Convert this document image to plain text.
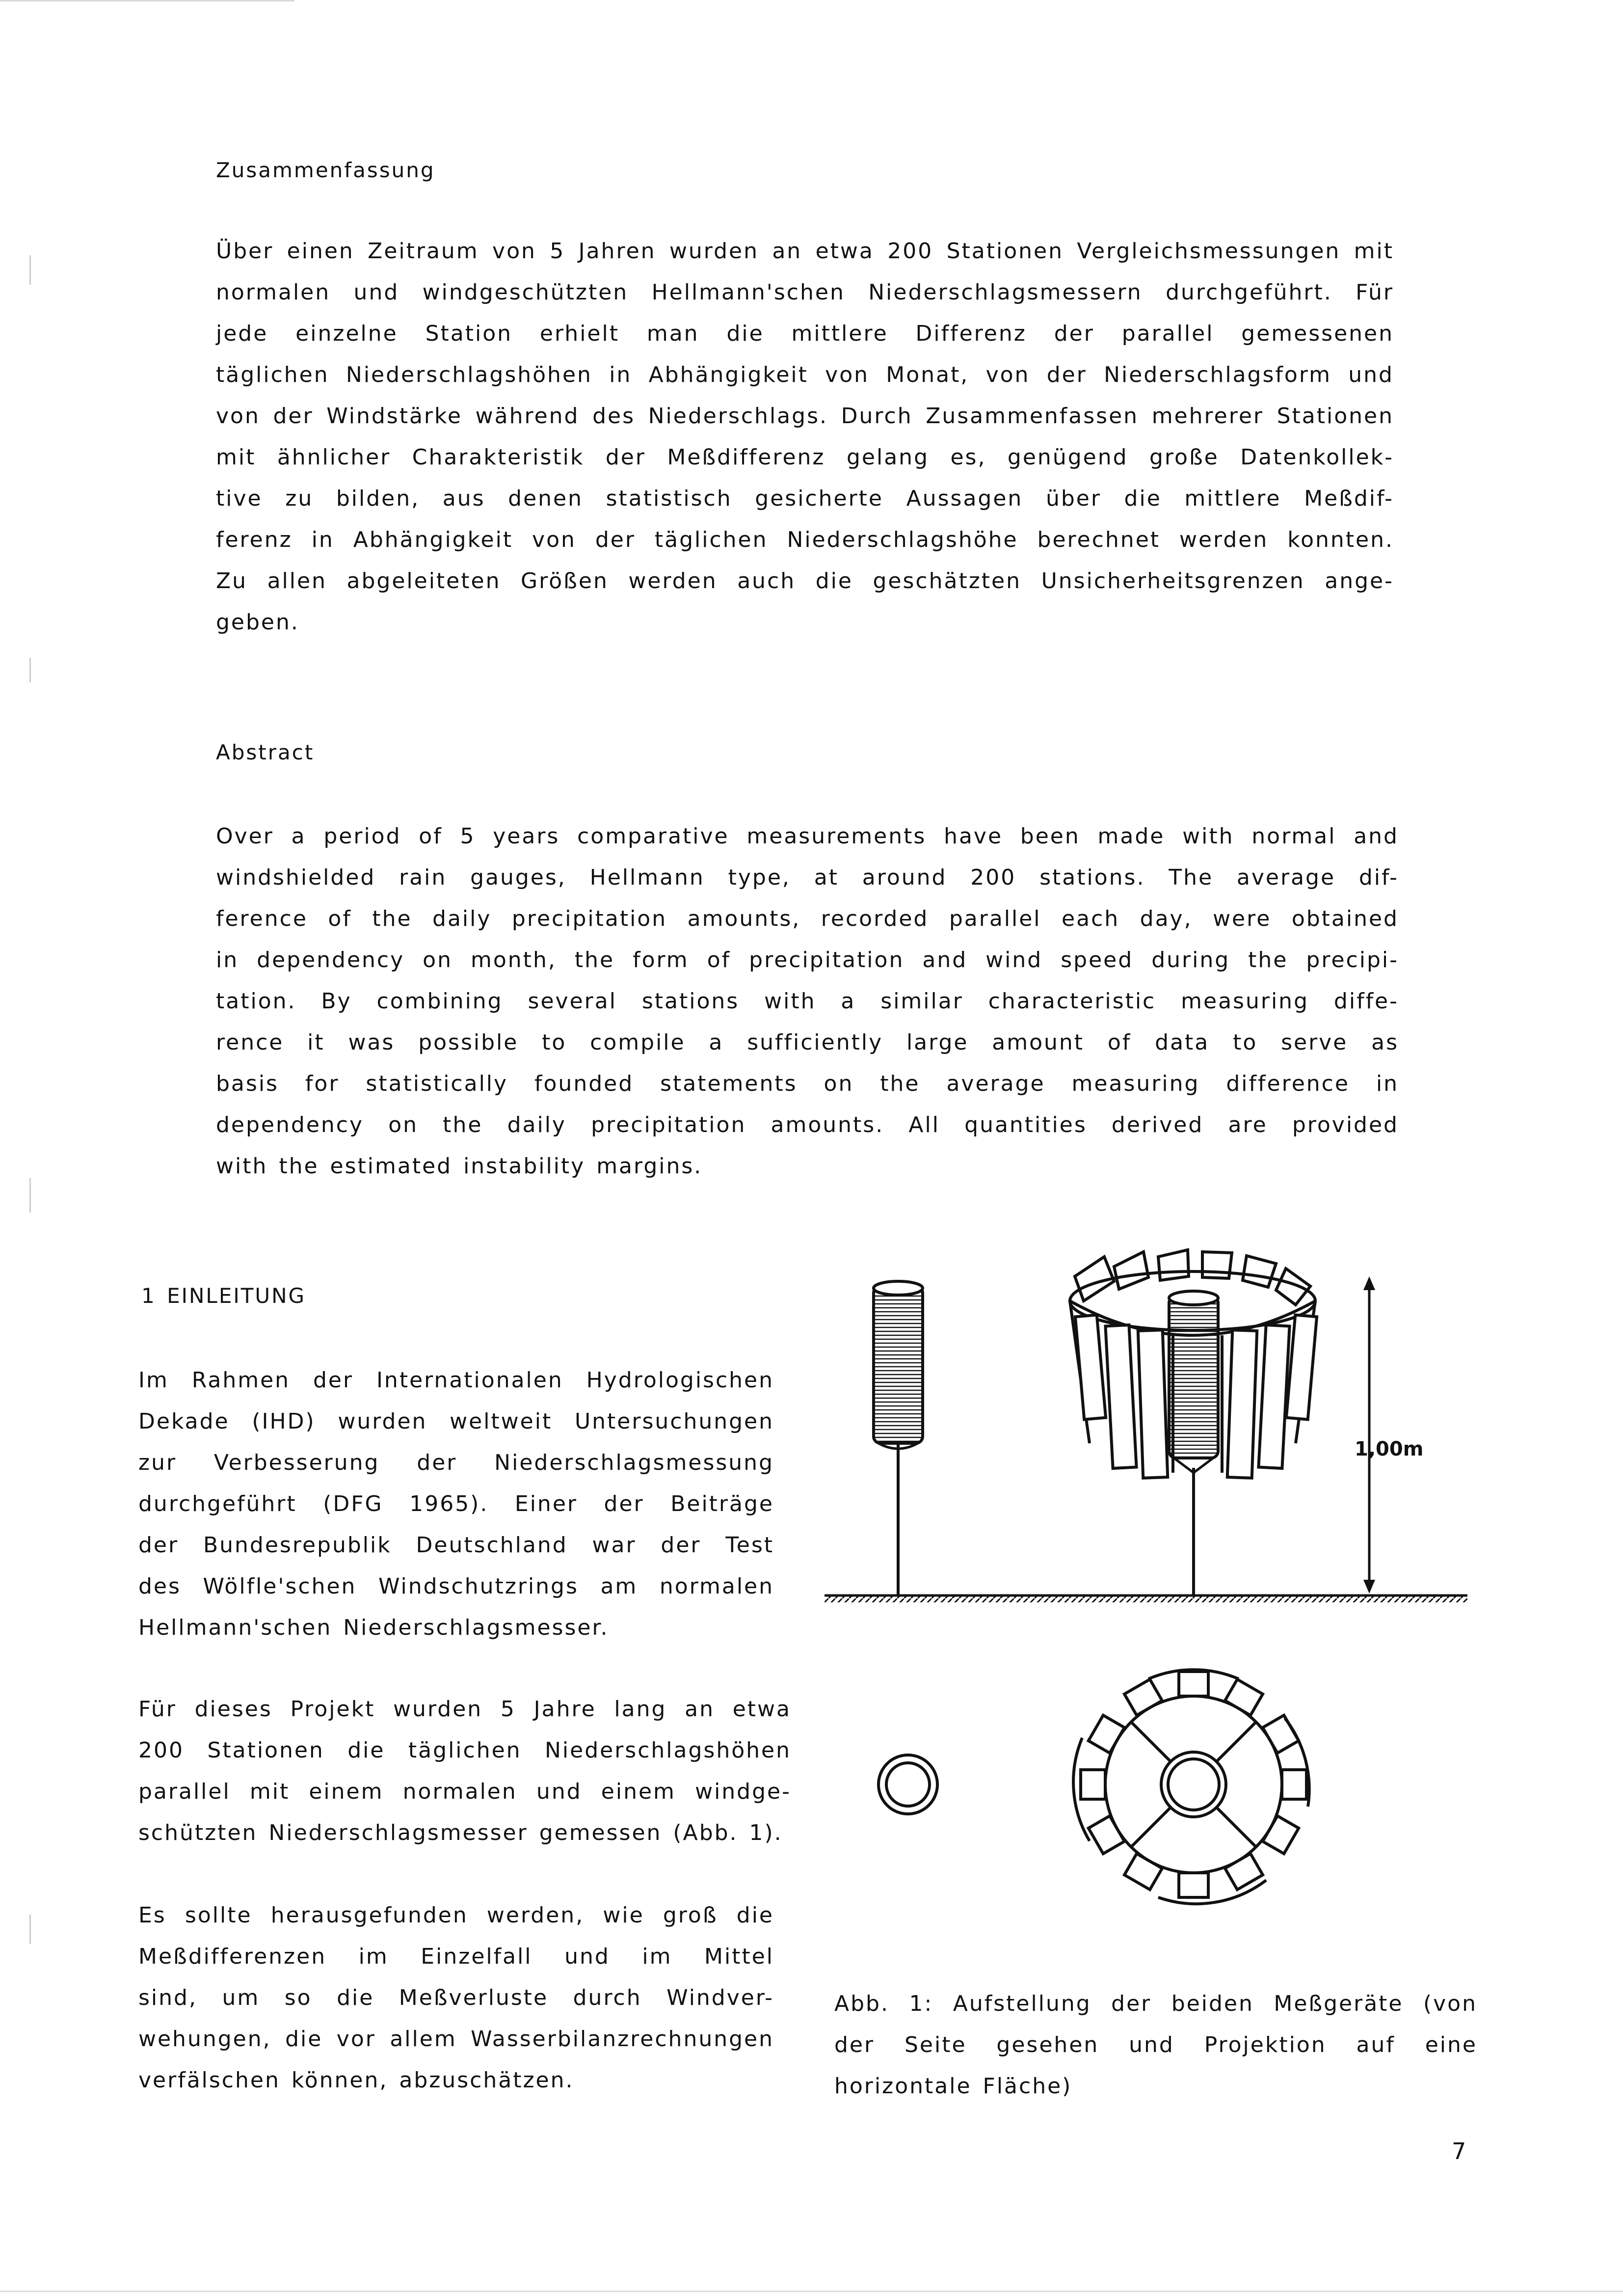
Zusammenfassung
Über einen Zeitraum von 5 Jahren wurden an etwa 200 Stationen Vergleichsmessungen mit
normalen und windgeschützten Hellmann'schen Niederschlagsmessern durchgeführt. Für
jede einzelne Station erhielt man die mittlere Differenz der parallel gemessenen
täglichen Niederschlagshöhen in Abhängigkeit von Monat, von der Niederschlagsform und
von der Windstärke während des Niederschlags. Durch Zusammenfassen mehrerer Stationen
mit ähnlicher Charakteristik der Meßdifferenz gelang es, genügend große Datenkollek-
tive zu bilden, aus denen statistisch gesicherte Aussagen über die mittlere Meßdif-
ferenz in Abhängigkeit von der täglichen Niederschlagshöhe berechnet werden konnten.
Zu allen abgeleiteten Größen werden auch die geschätzten Unsicherheitsgrenzen ange-
geben.
Abstract
Over a period of 5 years comparative measurements have been made with normal and
windshielded rain gauges, Hellmann type, at around 200 stations. The average dif-
ference of the daily precipitation amounts, recorded parallel each day, were obtained
in dependency on month, the form of precipitation and wind speed during the precipi-
tation. By combining several stations with a similar characteristic measuring diffe-
rence it was possible to compile a sufficiently large amount of data to serve as
basis for statistically founded statements on the average measuring difference in
dependency on the daily precipitation amounts. All quantities derived are provided
with the estimated instability margins.
1 EINLEITUNG
Im Rahmen der Internationalen Hydrologischen
Dekade (IHD) wurden weltweit Untersuchungen
zur Verbesserung der Niederschlagsmessung
durchgeführt (DFG 1965). Einer der Beiträge
der Bundesrepublik Deutschland war der Test
des Wölfle'schen Windschutzrings am normalen
Hellmann'schen Niederschlagsmesser.
Für dieses Projekt wurden 5 Jahre lang an etwa
200 Stationen die täglichen Niederschlagshöhen
parallel mit einem normalen und einem windge-
schützten Niederschlagsmesser gemessen (Abb. 1).
Es sollte herausgefunden werden, wie groß die
Meßdifferenzen im Einzelfall und im Mittel
sind, um so die Meßverluste durch Windver-
wehungen, die vor allem Wasserbilanzrechnungen
verfälschen können, abzuschätzen.
1,00m
Abb. 1: Aufstellung der beiden Meßgeräte (von
der Seite gesehen und Projektion auf eine
horizontale Fläche)
7
